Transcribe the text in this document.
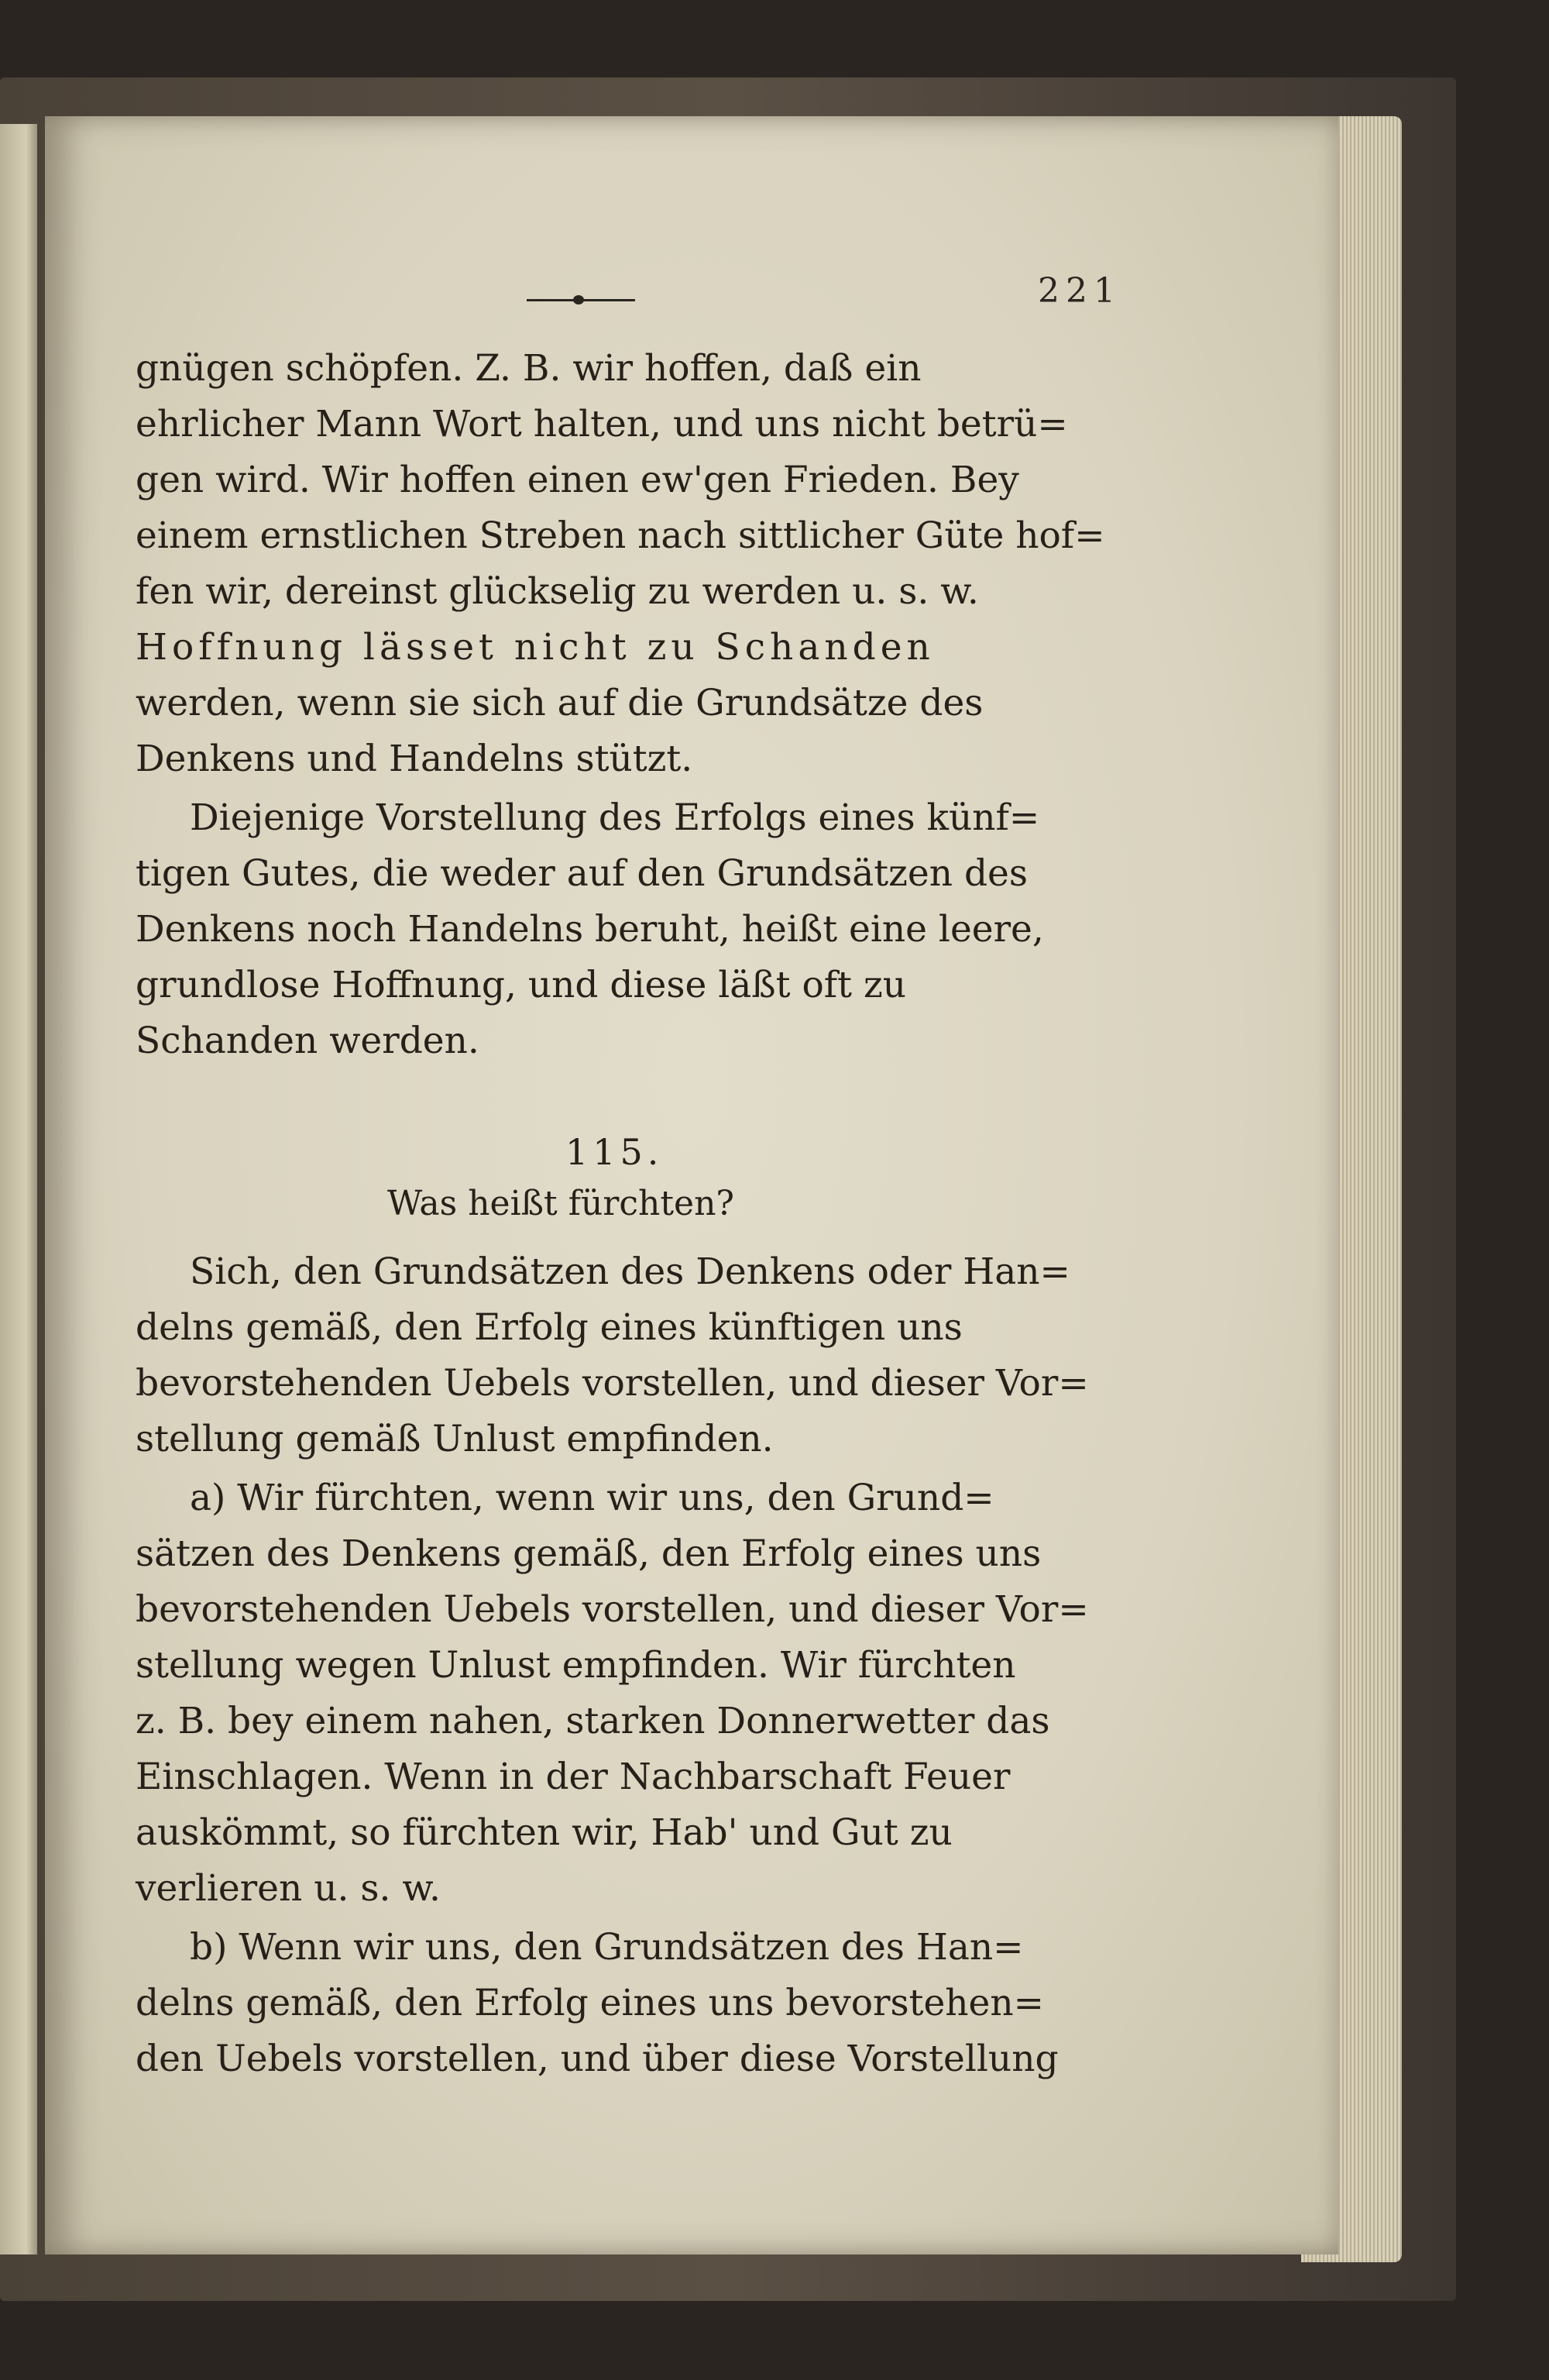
221
gnügen schöpfen. Z. B. wir hoffen, daß ein
ehrlicher Mann Wort halten, und uns nicht betrü=
gen wird. Wir hoffen einen ew'gen Frieden. Bey
einem ernstlichen Streben nach sittlicher Güte hof=
fen wir, dereinst glückselig zu werden u. s. w.
Hoffnung lässet nicht zu Schanden
werden, wenn sie sich auf die Grundsätze des
Denkens und Handelns stützt.
Diejenige Vorstellung des Erfolgs eines künf=
tigen Gutes, die weder auf den Grundsätzen des
Denkens noch Handelns beruht, heißt eine leere,
grundlose Hoffnung, und diese läßt oft zu
Schanden werden.
115.
Was heißt fürchten?
Sich, den Grundsätzen des Denkens oder Han=
delns gemäß, den Erfolg eines künftigen uns
bevorstehenden Uebels vorstellen, und dieser Vor=
stellung gemäß Unlust empfinden.
a) Wir fürchten, wenn wir uns, den Grund=
sätzen des Denkens gemäß, den Erfolg eines uns
bevorstehenden Uebels vorstellen, und dieser Vor=
stellung wegen Unlust empfinden. Wir fürchten
z. B. bey einem nahen, starken Donnerwetter das
Einschlagen. Wenn in der Nachbarschaft Feuer
auskömmt, so fürchten wir, Hab' und Gut zu
verlieren u. s. w.
b) Wenn wir uns, den Grundsätzen des Han=
delns gemäß, den Erfolg eines uns bevorstehen=
den Uebels vorstellen, und über diese Vorstellung
